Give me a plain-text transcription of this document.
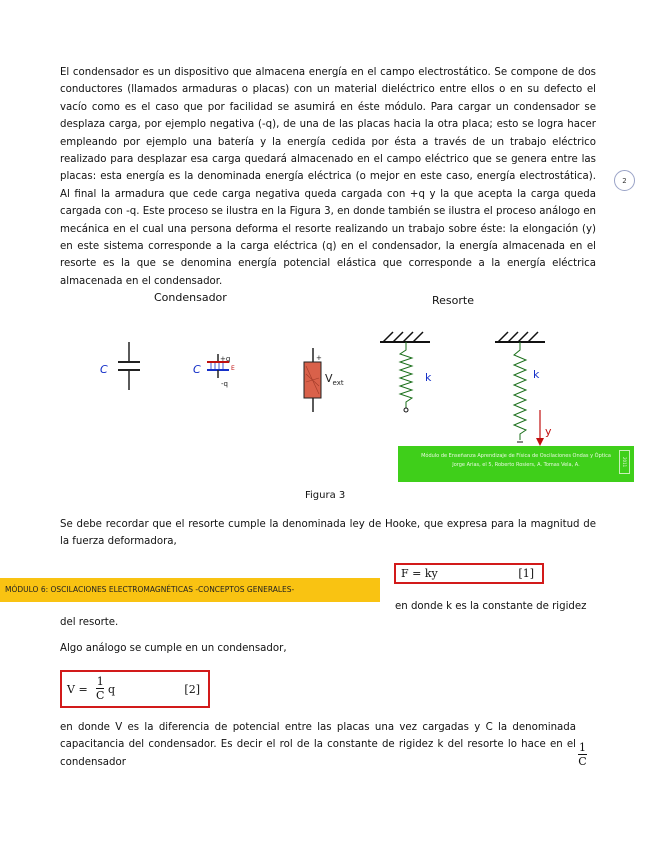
El condensador es un dispositivo que almacena energía en el campo electrostático. Se compone de dos conductores (llamados armaduras o placas) con un material dieléctrico entre ellos o en su defecto el vacío como es el caso que por facilidad se asumirá en éste módulo. Para cargar un condensador se desplaza carga, por ejemplo negativa (-q), de una de las placas hacia la otra placa; esto se logra hacer empleando por ejemplo una batería y la energía cedida por ésta a través de un trabajo eléctrico realizado para desplazar esa carga quedará almacenado en el campo eléctrico que se genera entre las placas: esta energía es la denominada energía eléctrica (o mejor en este caso, energía electrostática). Al final la armadura que cede carga negativa queda cargada con +q y la que acepta la carga queda cargada con -q. Este proceso se ilustra en la Figura 3, en donde también se ilustra el proceso análogo en mecánica en el cual una persona deforma el resorte realizando un trabajo sobre éste: la elongación (y) en este sistema corresponde a la carga eléctrica (q) en el condensador, la energía almacenada en el resorte es la que se denomina energía potencial elástica que corresponde a la energía eléctrica almacenada en el condensador.

2
Condensador	Resorte
C	C
+q
-q
E
+
$V_{ext}$	k	k
y
Módulo de Enseñanza Aprendizaje de Física de Oscilaciones Ondas y Óptica
Jorge Arias, el 5, Roberto Rosiers, A. Tomas Vela, A.	2011
Figura 3

Se debe recordar que el resorte cumple la denominada ley de Hooke, que expresa para la magnitud de la fuerza deformadora,

MÓDULO 6: OSCILACIONES ELECTROMAGNÉTICAS -CONCEPTOS GENERALES-
F = ky	[1]

en donde k es la constante de rigidez

del resorte.

Algo análogo se cumple en un condensador,

V =
1
C q	[2]

en donde V es la diferencia de potencial entre las placas una vez cargadas y C la denominada capacitancia del condensador. Es decir el rol de la constante de rigidez k del resorte lo hace en el condensador

1
C
